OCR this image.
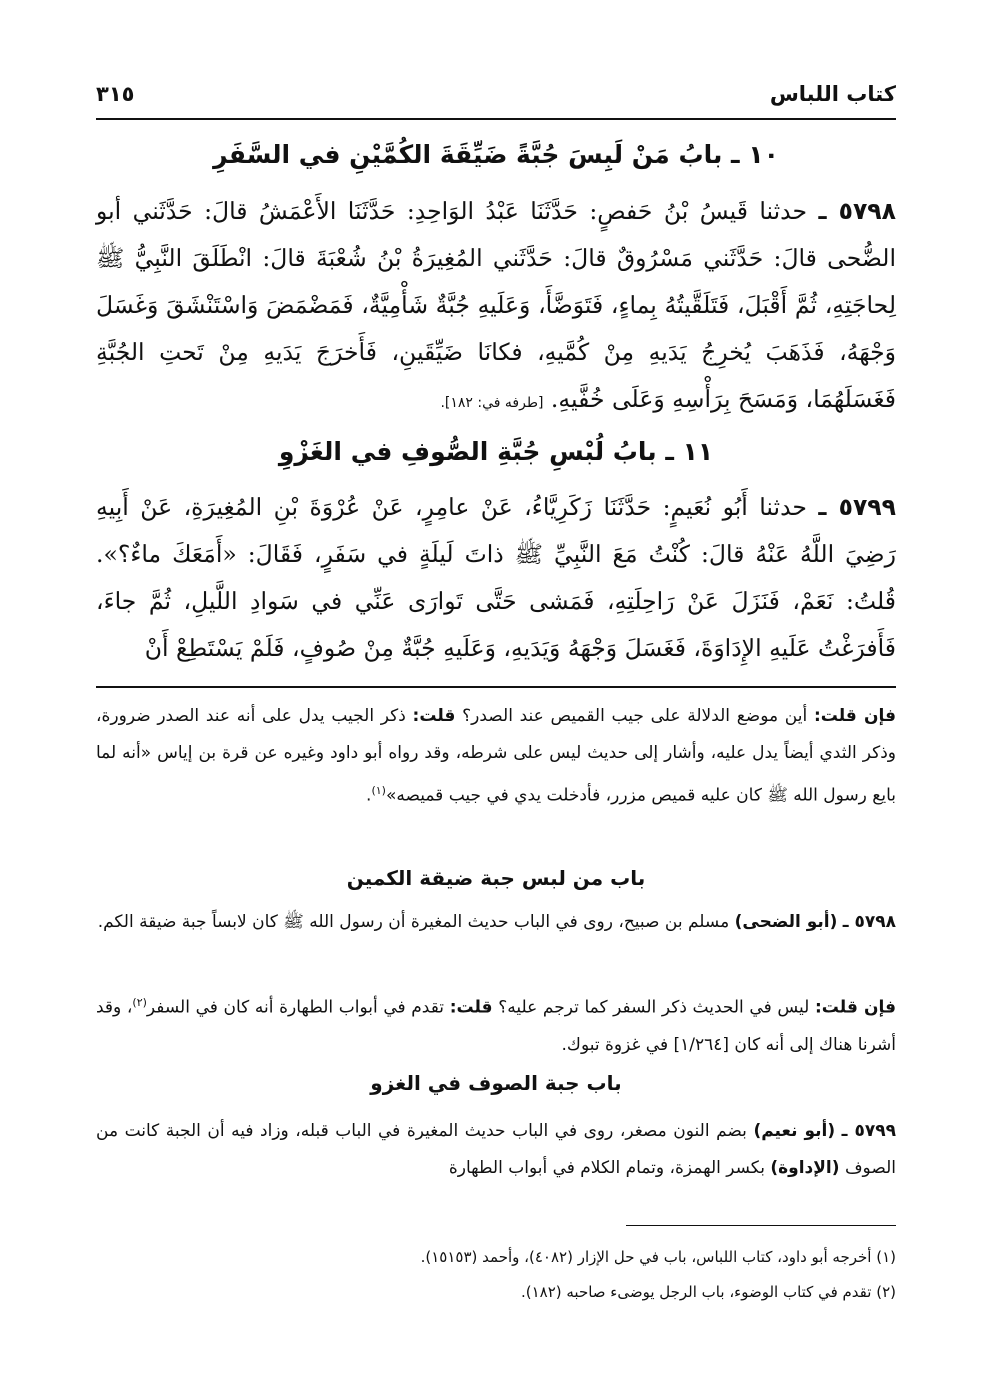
كتاب اللباس
٣١٥
١٠ ـ بابُ مَنْ لَبِسَ جُبَّةً ضَيِّقَةَ الكُمَّيْنِ في السَّفَرِ
٥٧٩٨ ـ حدثنا قَيسُ بْنُ حَفصٍ: حَدَّثَنَا عَبْدُ الوَاحِدِ: حَدَّثَنَا الأَعْمَشُ قالَ: حَدَّثَني أبو الضُّحى قالَ: حَدَّثَني مَسْرُوقٌ قالَ: حَدَّثَني المُغِيرَةُ بْنُ شُعْبَةَ قالَ: انْطَلَقَ النَّبِيُّ ﷺ لِحاجَتِهِ، ثُمَّ أَقْبَلَ، فَتَلَقَّيتُهُ بِماءٍ، فَتَوَضَّأَ، وَعَلَيهِ جُبَّةٌ شَأْمِيَّةٌ، فَمَضْمَضَ وَاسْتَنْشَقَ وَغَسَلَ وَجْهَهُ، فَذَهَبَ يُخرِجُ يَدَيهِ مِنْ كُمَّيهِ، فكانَا ضَيِّقَينِ، فَأَخرَجَ يَدَيهِ مِنْ تَحتِ الجُبَّةِ فَغَسَلَهُمَا، وَمَسَحَ بِرَأْسِهِ وَعَلَى خُفَّيهِ. [طرفه في: ١٨٢].
١١ ـ بابُ لُبْسِ جُبَّةِ الصُّوفِ في الغَزْوِ
٥٧٩٩ ـ حدثنا أَبُو نُعَيمٍ: حَدَّثَنَا زَكَرِيَّاءُ، عَنْ عامِرٍ، عَنْ عُرْوَةَ بْنِ المُغِيرَةِ، عَنْ أَبِيهِ رَضِيَ اللَّهُ عَنْهُ قالَ: كُنْتُ مَعَ النَّبِيِّ ﷺ ذاتَ لَيلَةٍ في سَفَرٍ، فَقَالَ: «أَمَعَكَ ماءٌ؟». قُلتُ: نَعَمْ، فَنَزَلَ عَنْ رَاحِلَتِهِ، فَمَشى حَتَّى تَوارَى عَنِّي في سَوادِ اللَّيلِ، ثُمَّ جاءَ، فَأَفرَغْتُ عَلَيهِ الإِدَاوَةَ، فَغَسَلَ وَجْهَهُ وَيَدَيهِ، وَعَلَيهِ جُبَّةٌ مِنْ صُوفٍ، فَلَمْ يَسْتَطِعْ أَنْ
فإن قلت: أين موضع الدلالة على جيب القميص عند الصدر؟ قلت: ذكر الجيب يدل على أنه عند الصدر ضرورة، وذكر الثدي أيضاً يدل عليه، وأشار إلى حديث ليس على شرطه، وقد رواه أبو داود وغيره عن قرة بن إياس «أنه لما بايع رسول الله ﷺ كان عليه قميص مزرر، فأدخلت يدي في جيب قميصه»$^{(١)}$.
باب من لبس جبة ضيقة الكمين
٥٧٩٨ ـ (أبو الضحى) مسلم بن صبيح، روى في الباب حديث المغيرة أن رسول الله ﷺ كان لابساً جبة ضيقة الكم.
فإن قلت: ليس في الحديث ذكر السفر كما ترجم عليه؟ قلت: تقدم في أبواب الطهارة أنه كان في السفر$^{(٢)}$، وقد أشرنا هناك إلى أنه كان [١/٢٦٤] في غزوة تبوك.
باب جبة الصوف في الغزو
٥٧٩٩ ـ (أبو نعيم) بضم النون مصغر، روى في الباب حديث المغيرة في الباب قبله، وزاد فيه أن الجبة كانت من الصوف (الإداوة) بكسر الهمزة، وتمام الكلام في أبواب الطهارة
(١) أخرجه أبو داود، كتاب اللباس، باب في حل الإزار (٤٠٨٢)، وأحمد (١٥١٥٣).
(٢) تقدم في كتاب الوضوء، باب الرجل يوضىء صاحبه (١٨٢).
